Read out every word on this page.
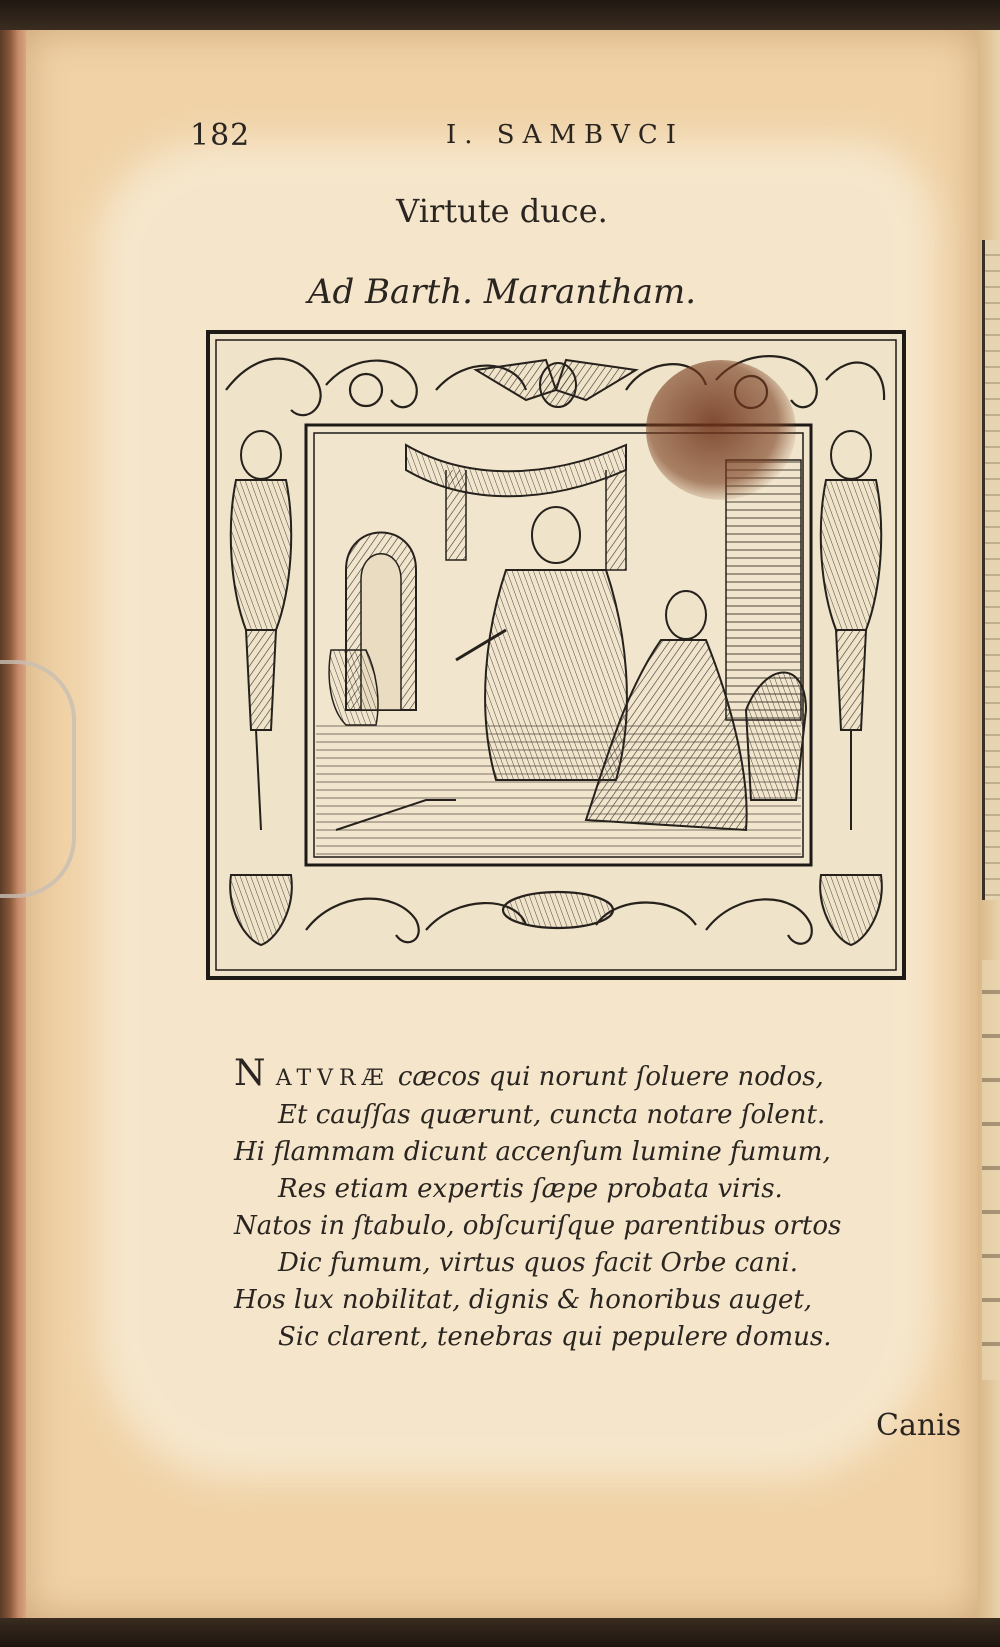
182	I. SAMBVCI
Virtute duce.
Ad Barth. Marantham.
N ATVRÆ cæcos qui norunt ſoluere nodos,
Et cauſſas quærunt, cuncta notare ſolent.
Hi flammam dicunt accenſum lumine fumum,
Res etiam expertis ſæpe probata viris.
Natos in ſtabulo, obſcuriſque parentibus ortos
Dic fumum, virtus quos facit Orbe cani.
Hos lux nobilitat, dignis & honoribus auget,
Sic clarent, tenebras qui pepulere domus.
Canis
